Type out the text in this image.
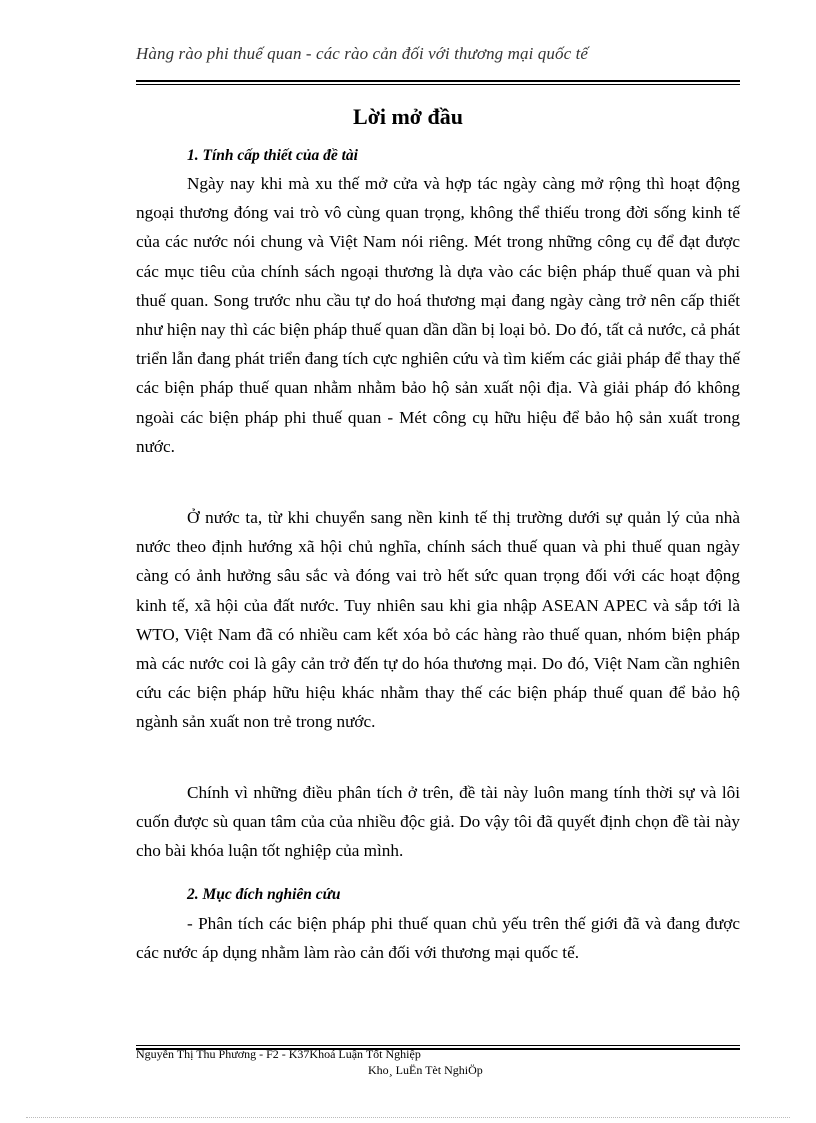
Hàng rào phi thuế quan - các rào cản đối với thương mại quốc tế
Lời mở đầu
1. Tính cấp thiết của đề tài

Ngày nay khi mà xu thế mở cửa và hợp tác ngày càng mở rộng thì hoạt động ngoại thương đóng vai trò vô cùng quan trọng, không thể thiếu trong đời sống kinh tế của các nước nói chung và Việt Nam nói riêng. Mét trong những công cụ để đạt được các mục tiêu của chính sách ngoại thương là dựa vào các biện pháp thuế quan và phi thuế quan. Song trước nhu cầu tự do hoá thương mại đang ngày càng trở nên cấp thiết như hiện nay thì các biện pháp thuế quan dần dần bị loại bỏ. Do đó, tất cả nước, cả phát triển lẫn đang phát triển đang tích cực nghiên cứu và tìm kiếm các giải pháp để thay thế các biện pháp thuế quan nhằm nhằm bảo hộ sản xuất nội địa. Và giải pháp đó không ngoài các biện pháp phi thuế quan - Mét công cụ hữu hiệu để bảo hộ sản xuất trong nước.

Ở nước ta, từ khi chuyển sang nền kinh tế thị trường dưới sự quản lý của nhà nước theo định hướng xã hội chủ nghĩa, chính sách thuế quan và phi thuế quan ngày càng có ảnh hưởng sâu sắc và đóng vai trò hết sức quan trọng đối với các hoạt động kinh tế, xã hội của đất nước. Tuy nhiên sau khi gia nhập ASEAN APEC và sắp tới là WTO, Việt Nam đã có nhiều cam kết xóa bỏ các hàng rào thuế quan, nhóm biện pháp mà các nước coi là gây cản trở đến tự do hóa thương mại. Do đó, Việt Nam cần nghiên cứu các biện pháp hữu hiệu khác nhằm thay thế các biện pháp thuế quan để bảo hộ ngành sản xuất non trẻ trong nước.

Chính vì những điều phân tích ở trên, đề tài này luôn mang tính thời sự và lôi cuốn được sù quan tâm của của nhiều độc giả. Do vậy tôi đã quyết định chọn đề tài này cho bài khóa luận tốt nghiệp của mình.

2. Mục đích nghiên cứu

- Phân tích các biện pháp phi thuế quan chủ yếu trên thế giới đã và đang được các nước áp dụng nhằm làm rào cản đối với thương mại quốc tế.

Nguyễn Thị Thu Phương - F2 - K37Khoá Luận Tốt Nghiệp
Kho¸ LuËn Tèt NghiÖp
